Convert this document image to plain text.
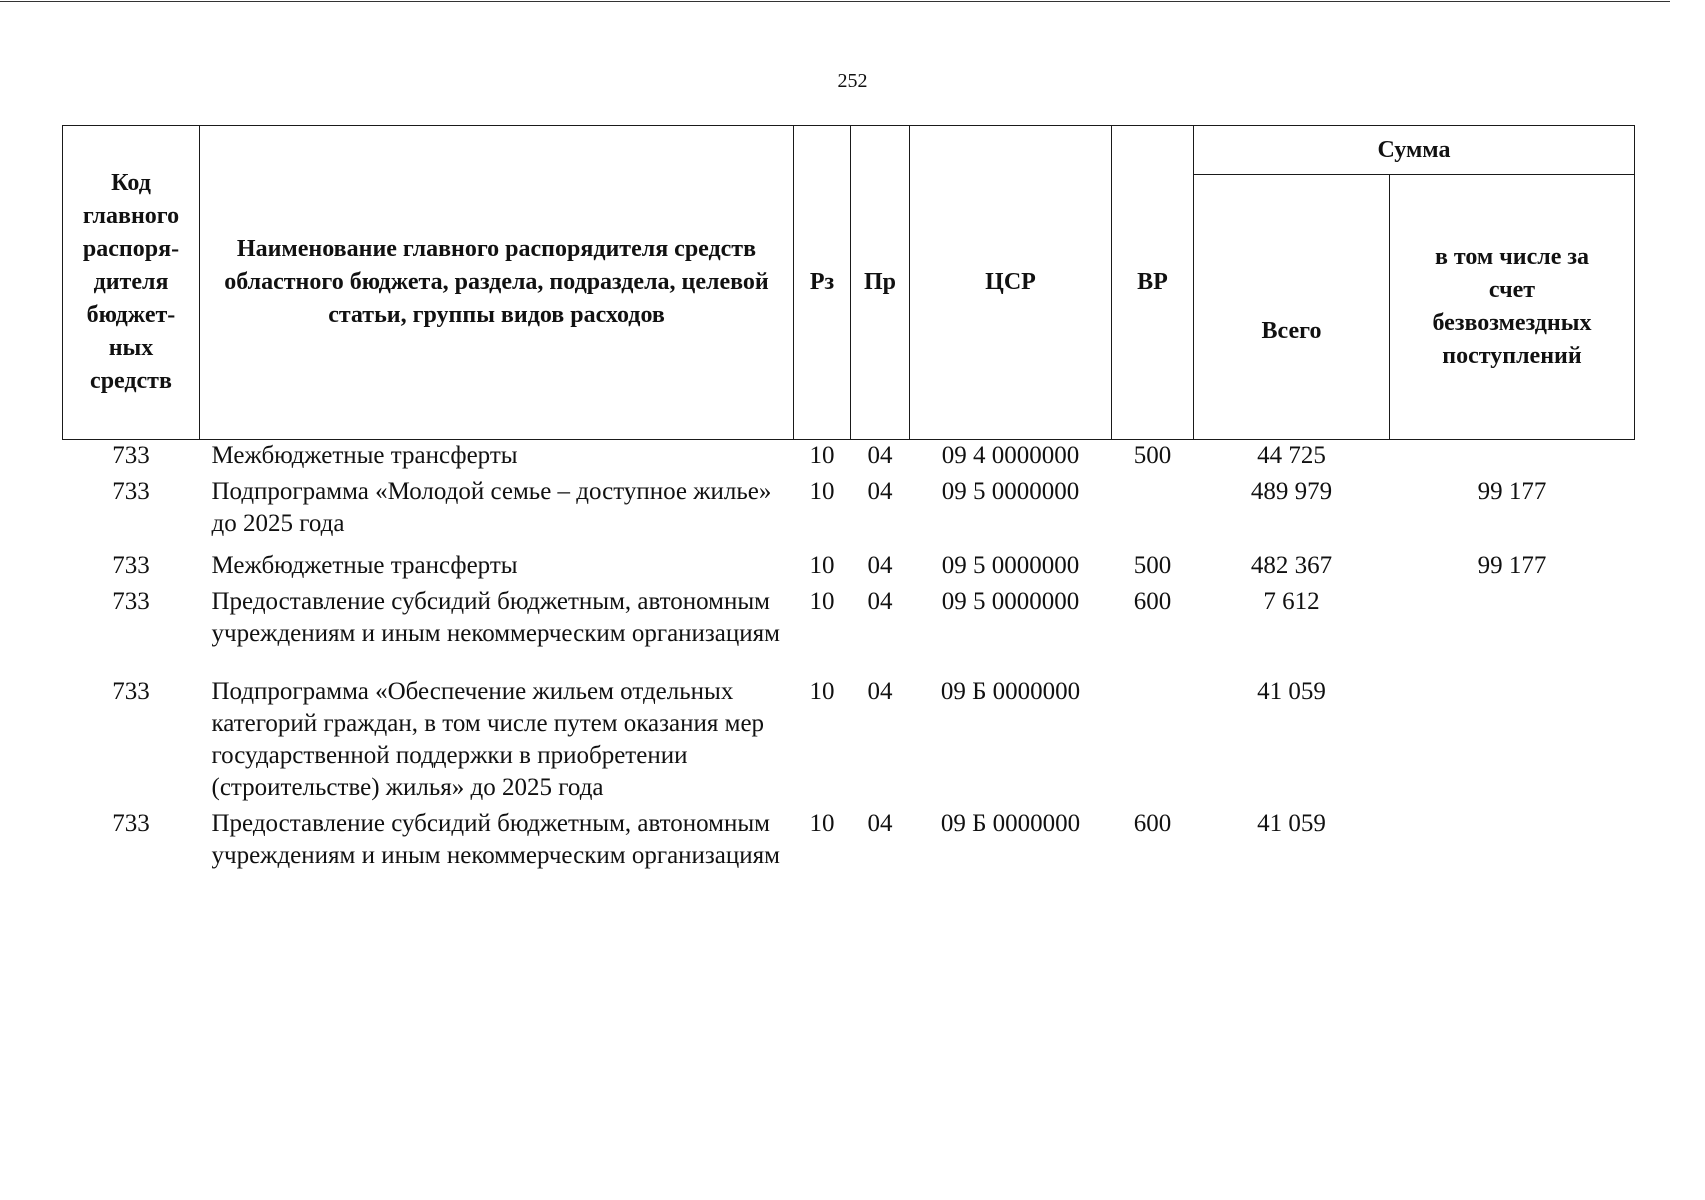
252
Код главного распоря-дителя бюджет-ных средств	Наименование главного распорядителя средств областного бюджета, раздела, подраздела, целевой статьи, группы видов расходов	Рз	Пр	ЦСР	ВР	Сумма	

						Всего	в том числе за счет безвозмездных поступлений

733	Межбюджетные трансферты	10	04	09 4 0000000	500	44 725	
733	Подпрограмма «Молодой семье – доступное жилье» до 2025 года	10	04	09 5 0000000		489 979	99 177
733	Межбюджетные трансферты	10	04	09 5 0000000	500	482 367	99 177
733	Предоставление субсидий бюджетным, автономным учреждениям и иным некоммерческим организациям	10	04	09 5 0000000	600	7 612	
733	Подпрограмма «Обеспечение жильем отдельных категорий граждан, в том числе путем оказания мер государственной поддержки в приобретении (строительстве) жилья» до 2025 года	10	04	09 Б 0000000		41 059	
733	Предоставление субсидий бюджетным, автономным учреждениям и иным некоммерческим организациям	10	04	09 Б 0000000	600	41 059	
